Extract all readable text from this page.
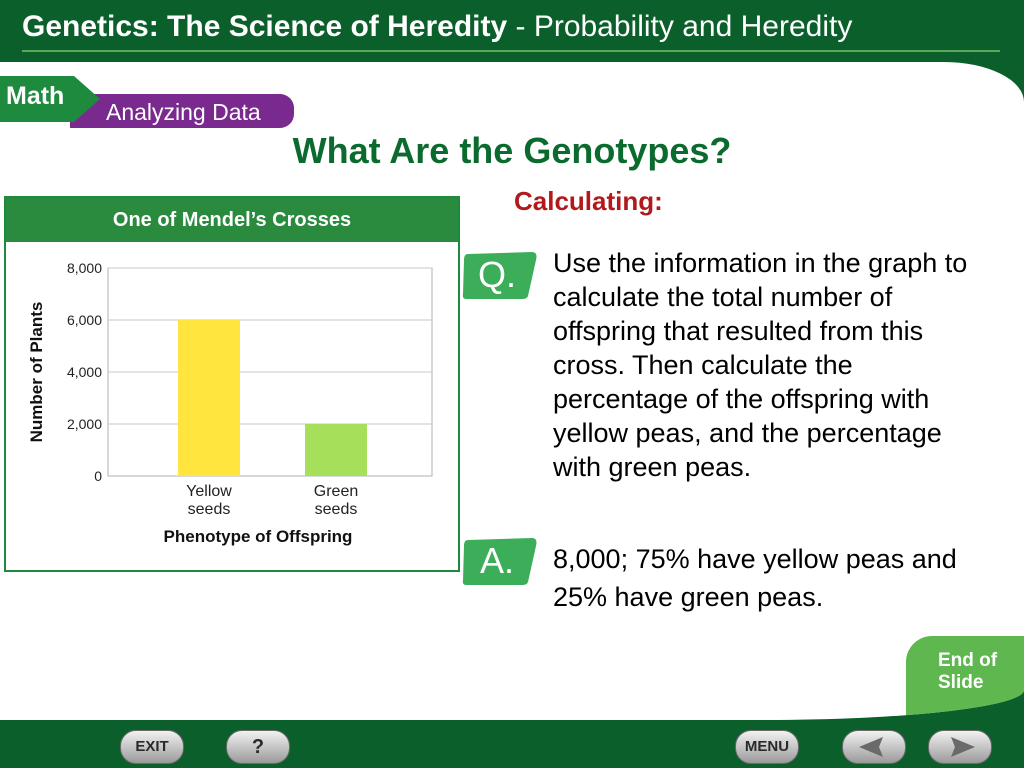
Genetics: The Science of Heredity - Probability and Heredity
Analyzing Data
Math
What Are the Genotypes?
Calculating:
One of Mendel’s Crosses
0
2,000
4,000
6,000
8,000
Yellow
seeds
Green
seeds
Phenotype of Offspring
Number of Plants
Q.	Use the information in the graph to calculate the total number of offspring that resulted from this cross. Then calculate the percentage of the offspring with yellow peas, and the percentage with green peas.
A.	8,000; 75% have yellow peas and 25% have green peas.
End of
Slide
EXIT	?	MENU
